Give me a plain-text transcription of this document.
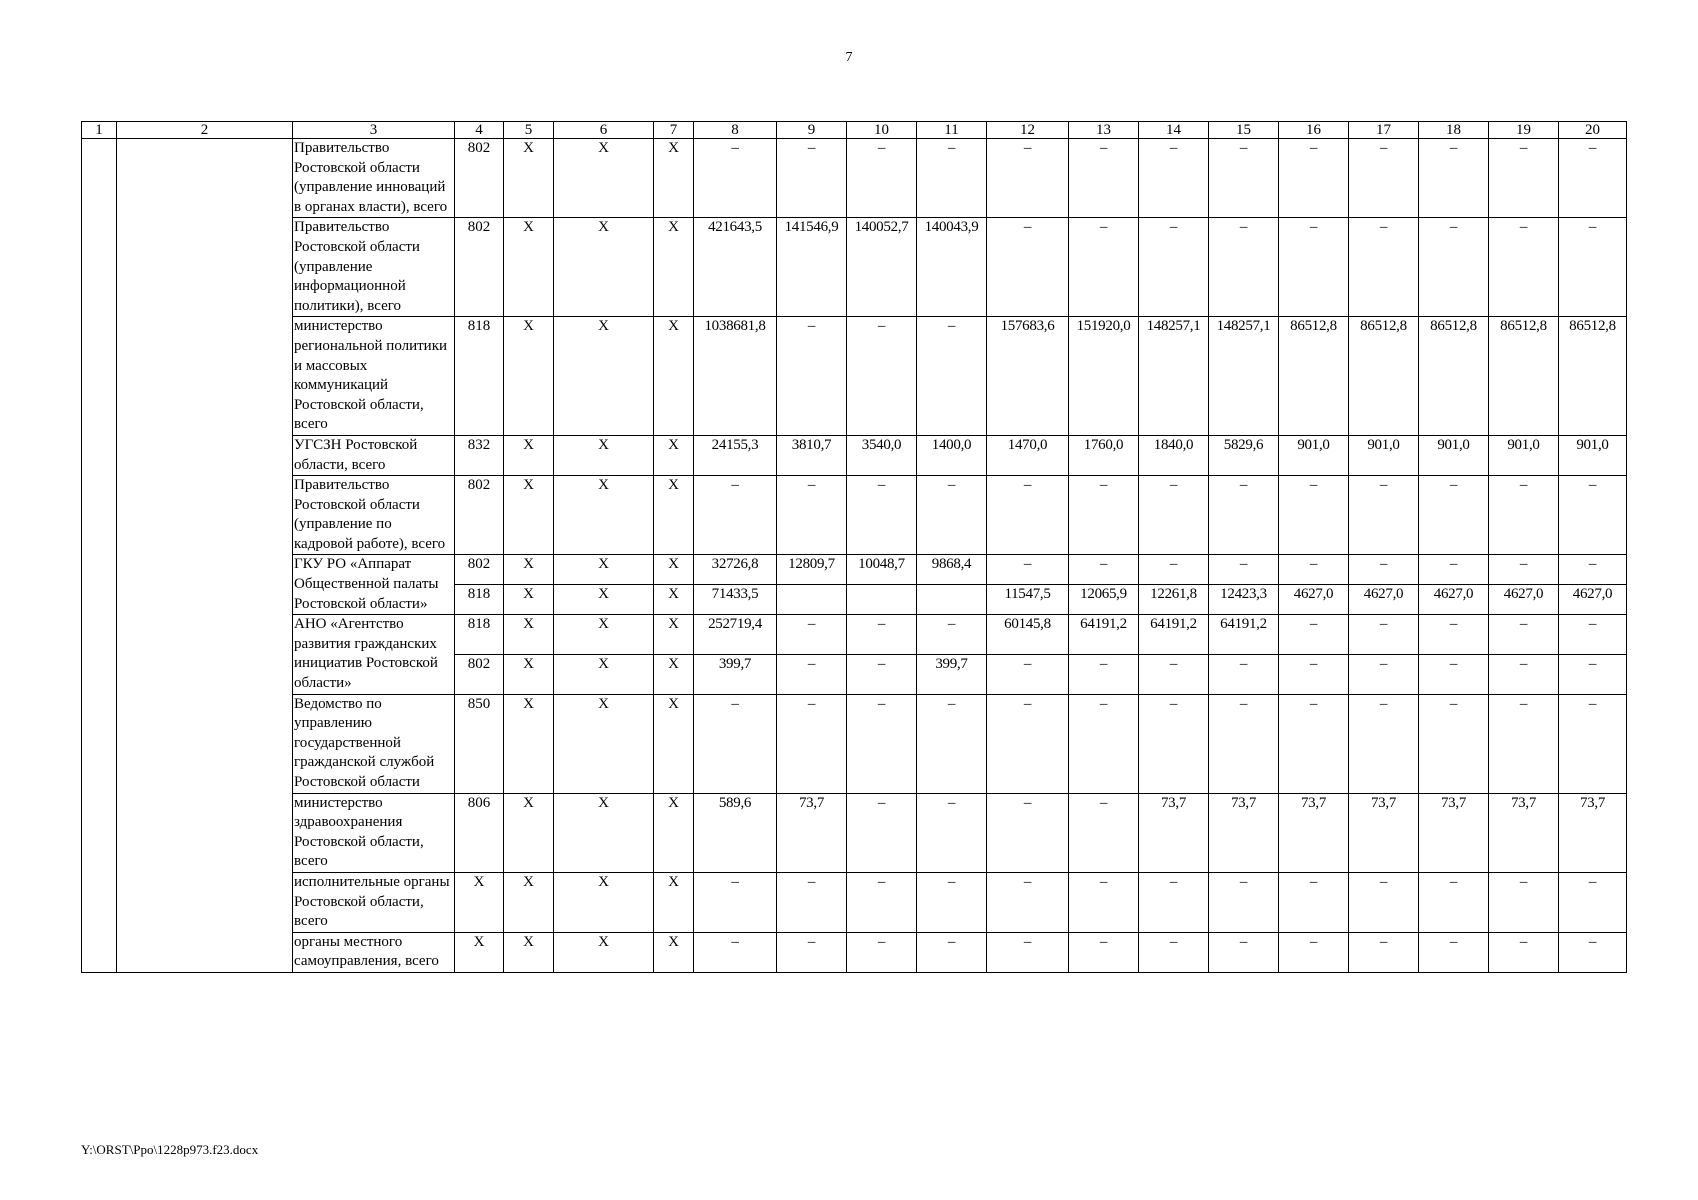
7
1	2	3	4	5	6	7	8	9	10	11	12	13	14	15	16	17	18	19	20
		Правительство Ростовской области (управление инноваций в органах власти), всего	802	X	X	X	–	–	–	–	–	–	–	–	–	–	–	–	–
		Правительство Ростовской области (управление информационной политики), всего	802	X	X	X	421643,5	141546,9	140052,7	140043,9	–	–	–	–	–	–	–	–	–
		министерство региональной политики и массовых коммуникаций Ростовской области, всего	818	X	X	X	1038681,8	–	–	–	157683,6	151920,0	148257,1	148257,1	86512,8	86512,8	86512,8	86512,8	86512,8
		УГСЗН Ростовской области, всего	832	X	X	X	24155,3	3810,7	3540,0	1400,0	1470,0	1760,0	1840,0	5829,6	901,0	901,0	901,0	901,0	901,0
		Правительство Ростовской области (управление по кадровой работе), всего	802	X	X	X	–	–	–	–	–	–	–	–	–	–	–	–	–
		ГКУ РО «Аппарат Общественной палаты Ростовской области»	802	X	X	X	32726,8	12809,7	10048,7	9868,4	–	–	–	–	–	–	–	–	–
			818	X	X	X	71433,5				11547,5	12065,9	12261,8	12423,3	4627,0	4627,0	4627,0	4627,0	4627,0
		АНО «Агентство развития гражданских инициатив Ростовской области»	818	X	X	X	252719,4	–	–	–	60145,8	64191,2	64191,2	64191,2	–	–	–	–	–
			802	X	X	X	399,7	–	–	399,7	–	–	–	–	–	–	–	–	–
		Ведомство по управлению государственной гражданской службой Ростовской области	850	X	X	X	–	–	–	–	–	–	–	–	–	–	–	–	–
		министерство здравоохранения Ростовской области, всего	806	X	X	X	589,6	73,7	–	–	–	–	73,7	73,7	73,7	73,7	73,7	73,7	73,7
		исполнительные органы Ростовской области, всего	X	X	X	X	–	–	–	–	–	–	–	–	–	–	–	–	–
		органы местного самоуправления, всего	X	X	X	X	–	–	–	–	–	–	–	–	–	–	–	–	–
Y:\ORST\Ppo\1228p973.f23.docx
